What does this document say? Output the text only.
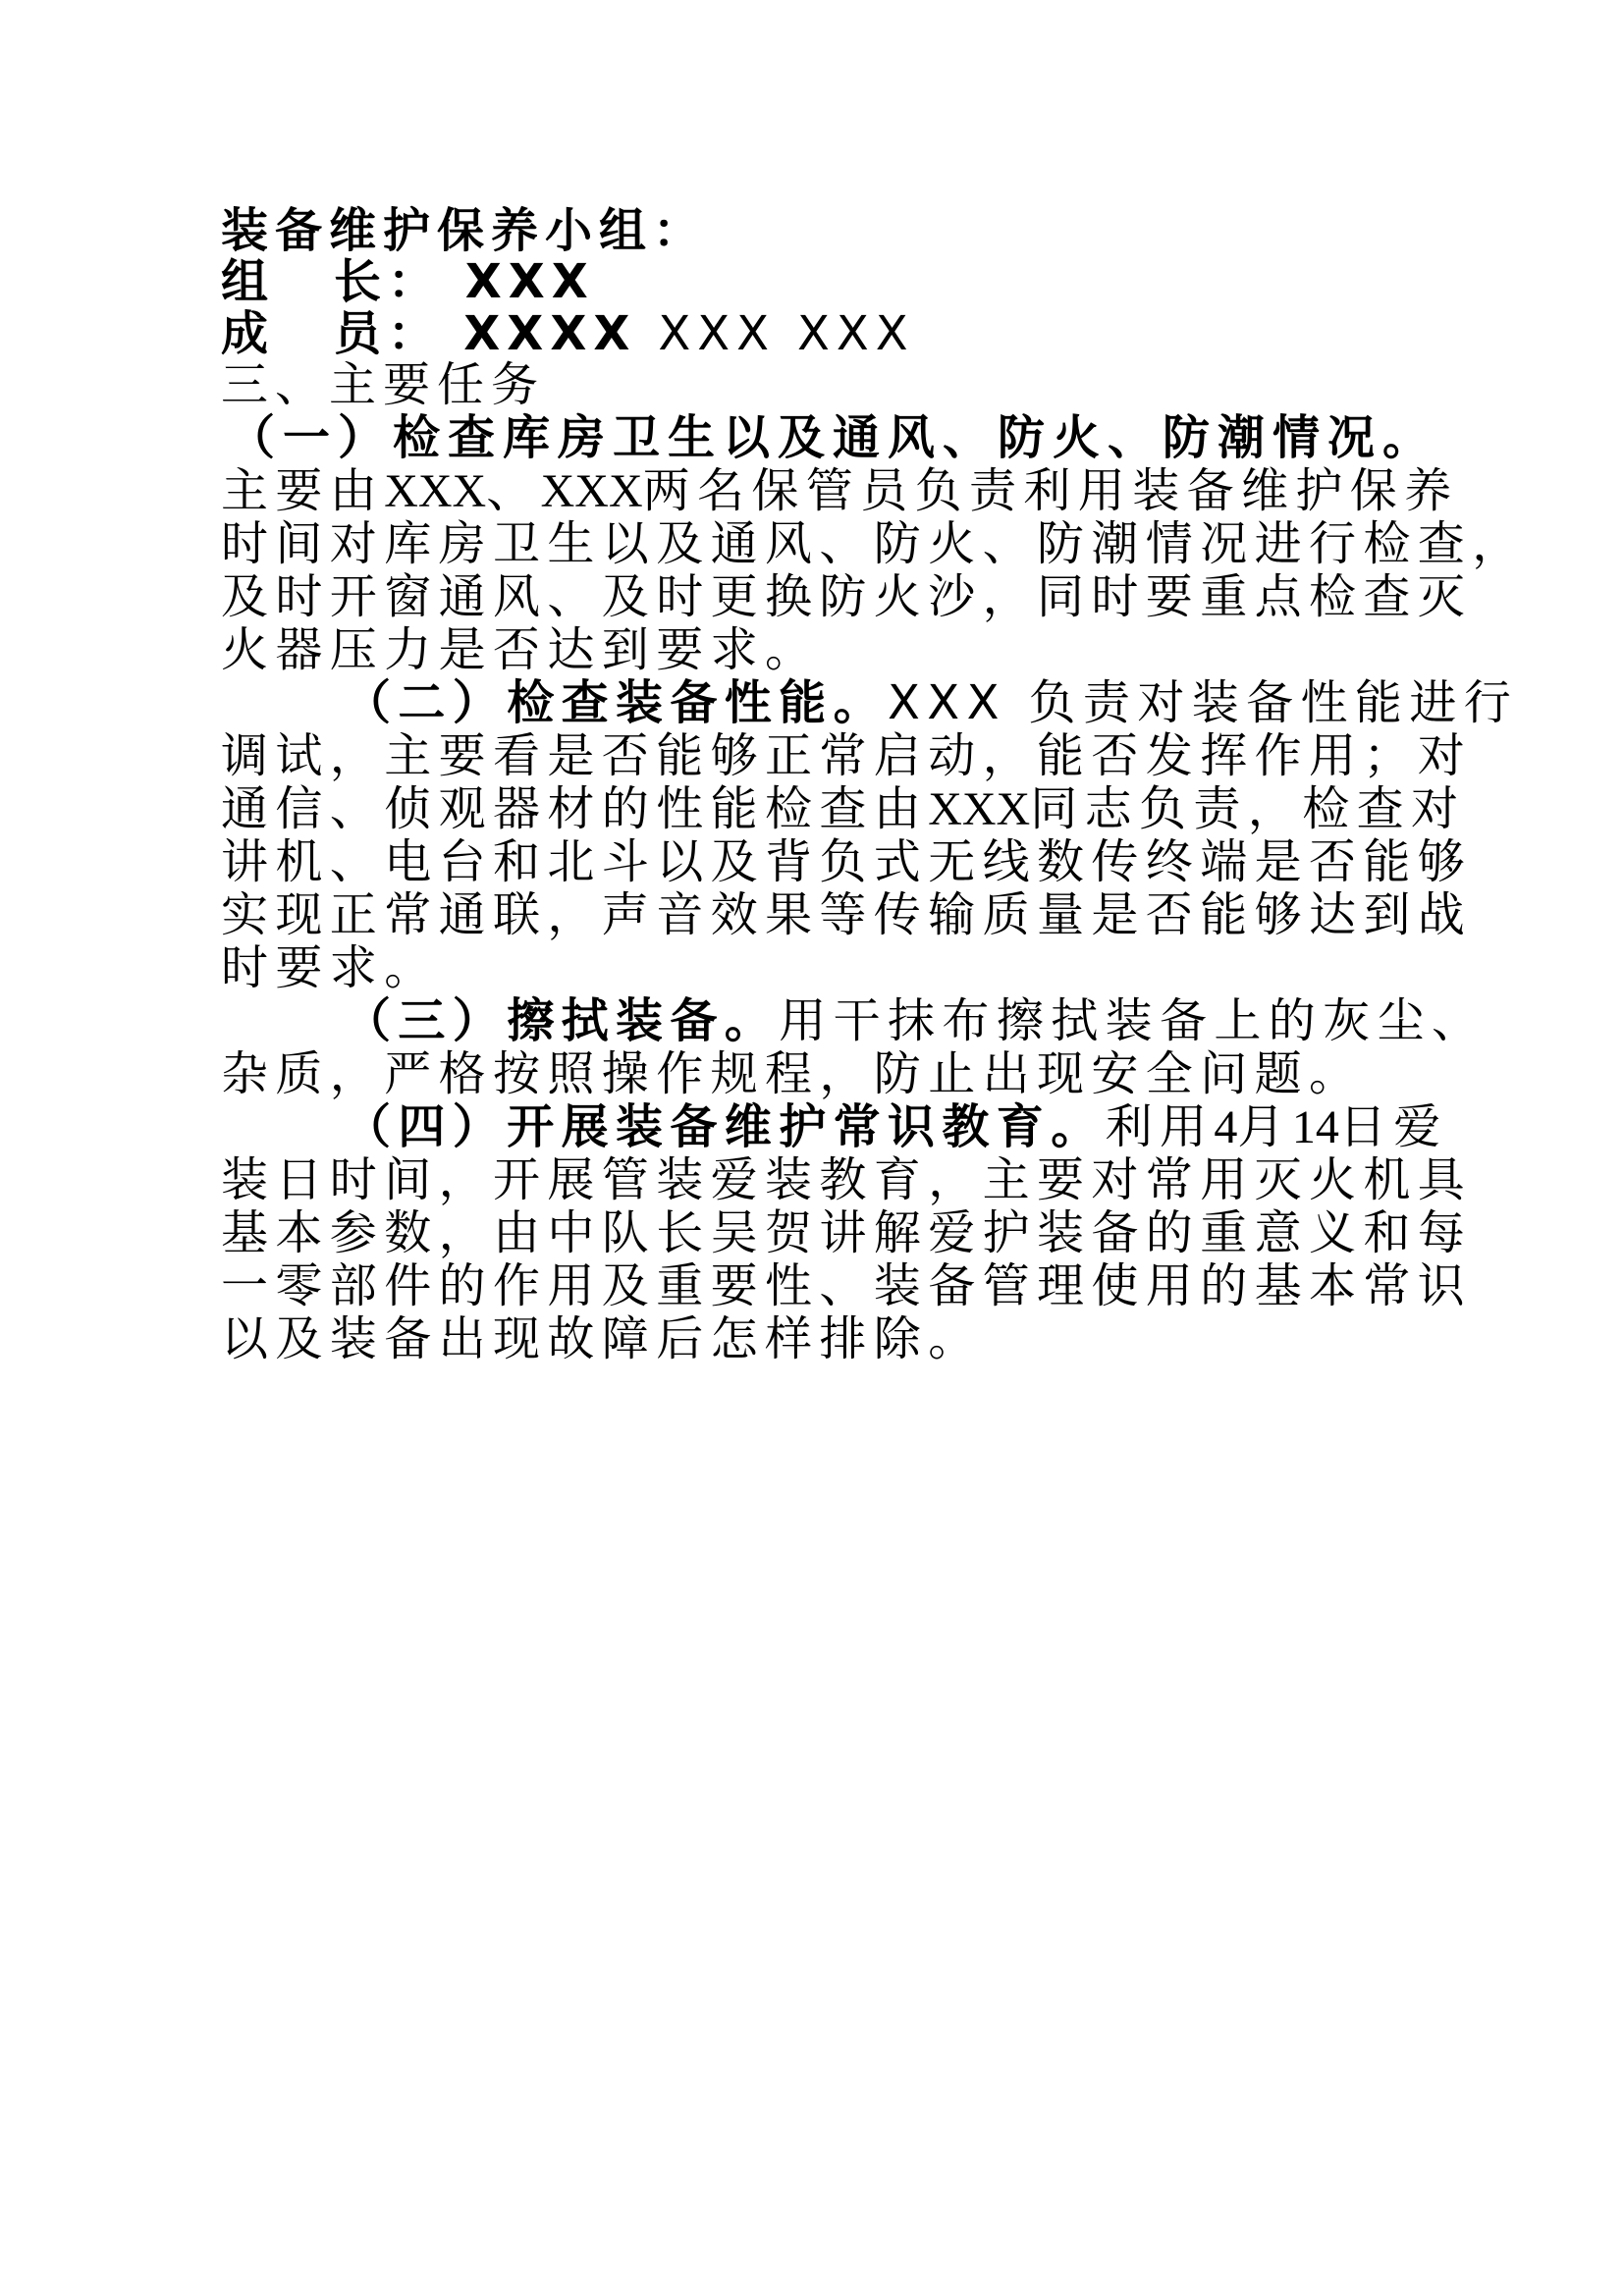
装备维护保养小组：
组 长： XXX
成 员： XXXX XXX XXX
三、主要任务
（一）检查库房卫生以及通风、防火、防潮情况。
主要由XXX、XXX两名保管员负责利用装备维护保养
时间对库房卫生以及通风、防火、防潮情况进行检查，
及时开窗通风、及时更换防火沙，同时要重点检查灭
火器压力是否达到要求。
（二）检查装备性能。XXX 负责对装备性能进行
调试，主要看是否能够正常启动，能否发挥作用；对
通信、侦观器材的性能检查由XXX同志负责，检查对
讲机、电台和北斗以及背负式无线数传终端是否能够
实现正常通联，声音效果等传输质量是否能够达到战
时要求。
（三）擦拭装备。用干抹布擦拭装备上的灰尘、
杂质，严格按照操作规程，防止出现安全问题。
（四）开展装备维护常识教育。利用4月14日爱
装日时间，开展管装爱装教育，主要对常用灭火机具
基本参数，由中队长吴贺讲解爱护装备的重意义和每
一零部件的作用及重要性、装备管理使用的基本常识
以及装备出现故障后怎样排除。
